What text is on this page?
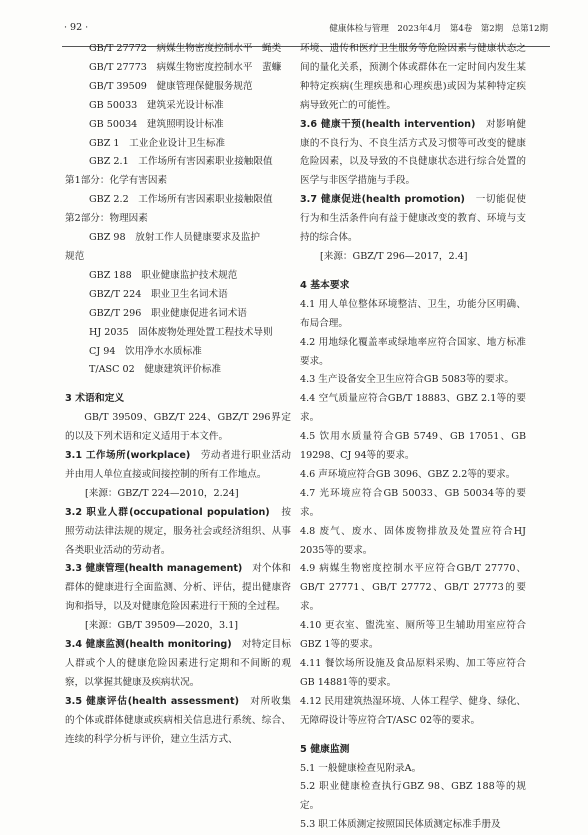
· 92 ·	健康体检与管理　2023年4月　第4卷　第2期　总第12期

GB/T 27772　病媒生物密度控制水平　蝇类

GB/T 27773　病媒生物密度控制水平　蜚蠊

GB/T 39509　健康管理保健服务规范

GB 50033　建筑采光设计标准

GB 50034　建筑照明设计标准

GBZ 1　工业企业设计卫生标准

GBZ 2.1　工作场所有害因素职业接触限值

第1部分：化学有害因素

GBZ 2.2　工作场所有害因素职业接触限值

第2部分：物理因素

GBZ 98　放射工作人员健康要求及监护

规范

GBZ 188　职业健康监护技术规范

GBZ/T 224　职业卫生名词术语

GBZ/T 296　职业健康促进名词术语

HJ 2035　固体废物处理处置工程技术导则

CJ 94　饮用净水水质标准

T/ASC 02　健康建筑评价标准

3 术语和定义

GB/T 39509、GBZ/T 224、GBZ/T 296界定的以及下列术语和定义适用于本文件。

3.1 工作场所(workplace)　 劳动者进行职业活动并由用人单位直接或间接控制的所有工作地点。

[来源：GBZ/T 224—2010，2.24]

3.2 职业人群(occupational population)　 按照劳动法律法规的规定，服务社会或经济组织、从事各类职业活动的劳动者。

3.3 健康管理(health management)　 对个体和群体的健康进行全面监测、分析、评估，提出健康咨询和指导，以及对健康危险因素进行干预的全过程。

[来源：GB/T 39509—2020，3.1]

3.4 健康监测(health monitoring)　 对特定目标人群或个人的健康危险因素进行定期和不间断的观察，以掌握其健康及疾病状况。

3.5 健康评估(health assessment)　 对所收集的个体或群体健康或疾病相关信息进行系统、综合、连续的科学分析与评价，建立生活方式、

环境、遗传和医疗卫生服务等危险因素与健康状态之间的量化关系，预测个体或群体在一定时间内发生某种特定疾病(生理疾患和心理疾患)或因为某种特定疾病导致死亡的可能性。

3.6 健康干预(health intervention)　 对影响健康的不良行为、不良生活方式及习惯等可改变的健康危险因素，以及导致的不良健康状态进行综合处置的医学与非医学措施与手段。

3.7 健康促进(health promotion)　 一切能促使行为和生活条件向有益于健康改变的教育、环境与支持的综合体。

[来源：GBZ/T 296—2017，2.4]

4 基本要求

4.1 用人单位整体环境整洁、卫生，功能分区明确、布局合理。

4.2 用地绿化覆盖率或绿地率应符合国家、地方标准要求。

4.3 生产设备安全卫生应符合GB 5083等的要求。

4.4 空气质量应符合GB/T 18883、GBZ 2.1等的要求。

4.5 饮用水质量符合GB 5749、GB 17051、GB 19298、CJ 94等的要求。

4.6 声环境应符合GB 3096、GBZ 2.2等的要求。

4.7 光环境应符合GB 50033、GB 50034等的要求。

4.8 废气、废水、固体废物排放及处置应符合HJ 2035等的要求。

4.9 病媒生物密度控制水平应符合GB/T 27770、GB/T 27771、GB/T 27772、GB/T 27773的要求。

4.10 更衣室、盥洗室、厕所等卫生辅助用室应符合GBZ 1等的要求。

4.11 餐饮场所设施及食品原料采购、加工等应符合GB 14881等的要求。

4.12 民用建筑热湿环境、人体工程学、健身、绿化、无障碍设计等应符合T/ASC 02等的要求。

5 健康监测

5.1 一般健康检查见附录A。

5.2 职业健康检查执行GBZ 98、GBZ 188等的规定。

5.3 职工体质测定按照国民体质测定标准手册及
